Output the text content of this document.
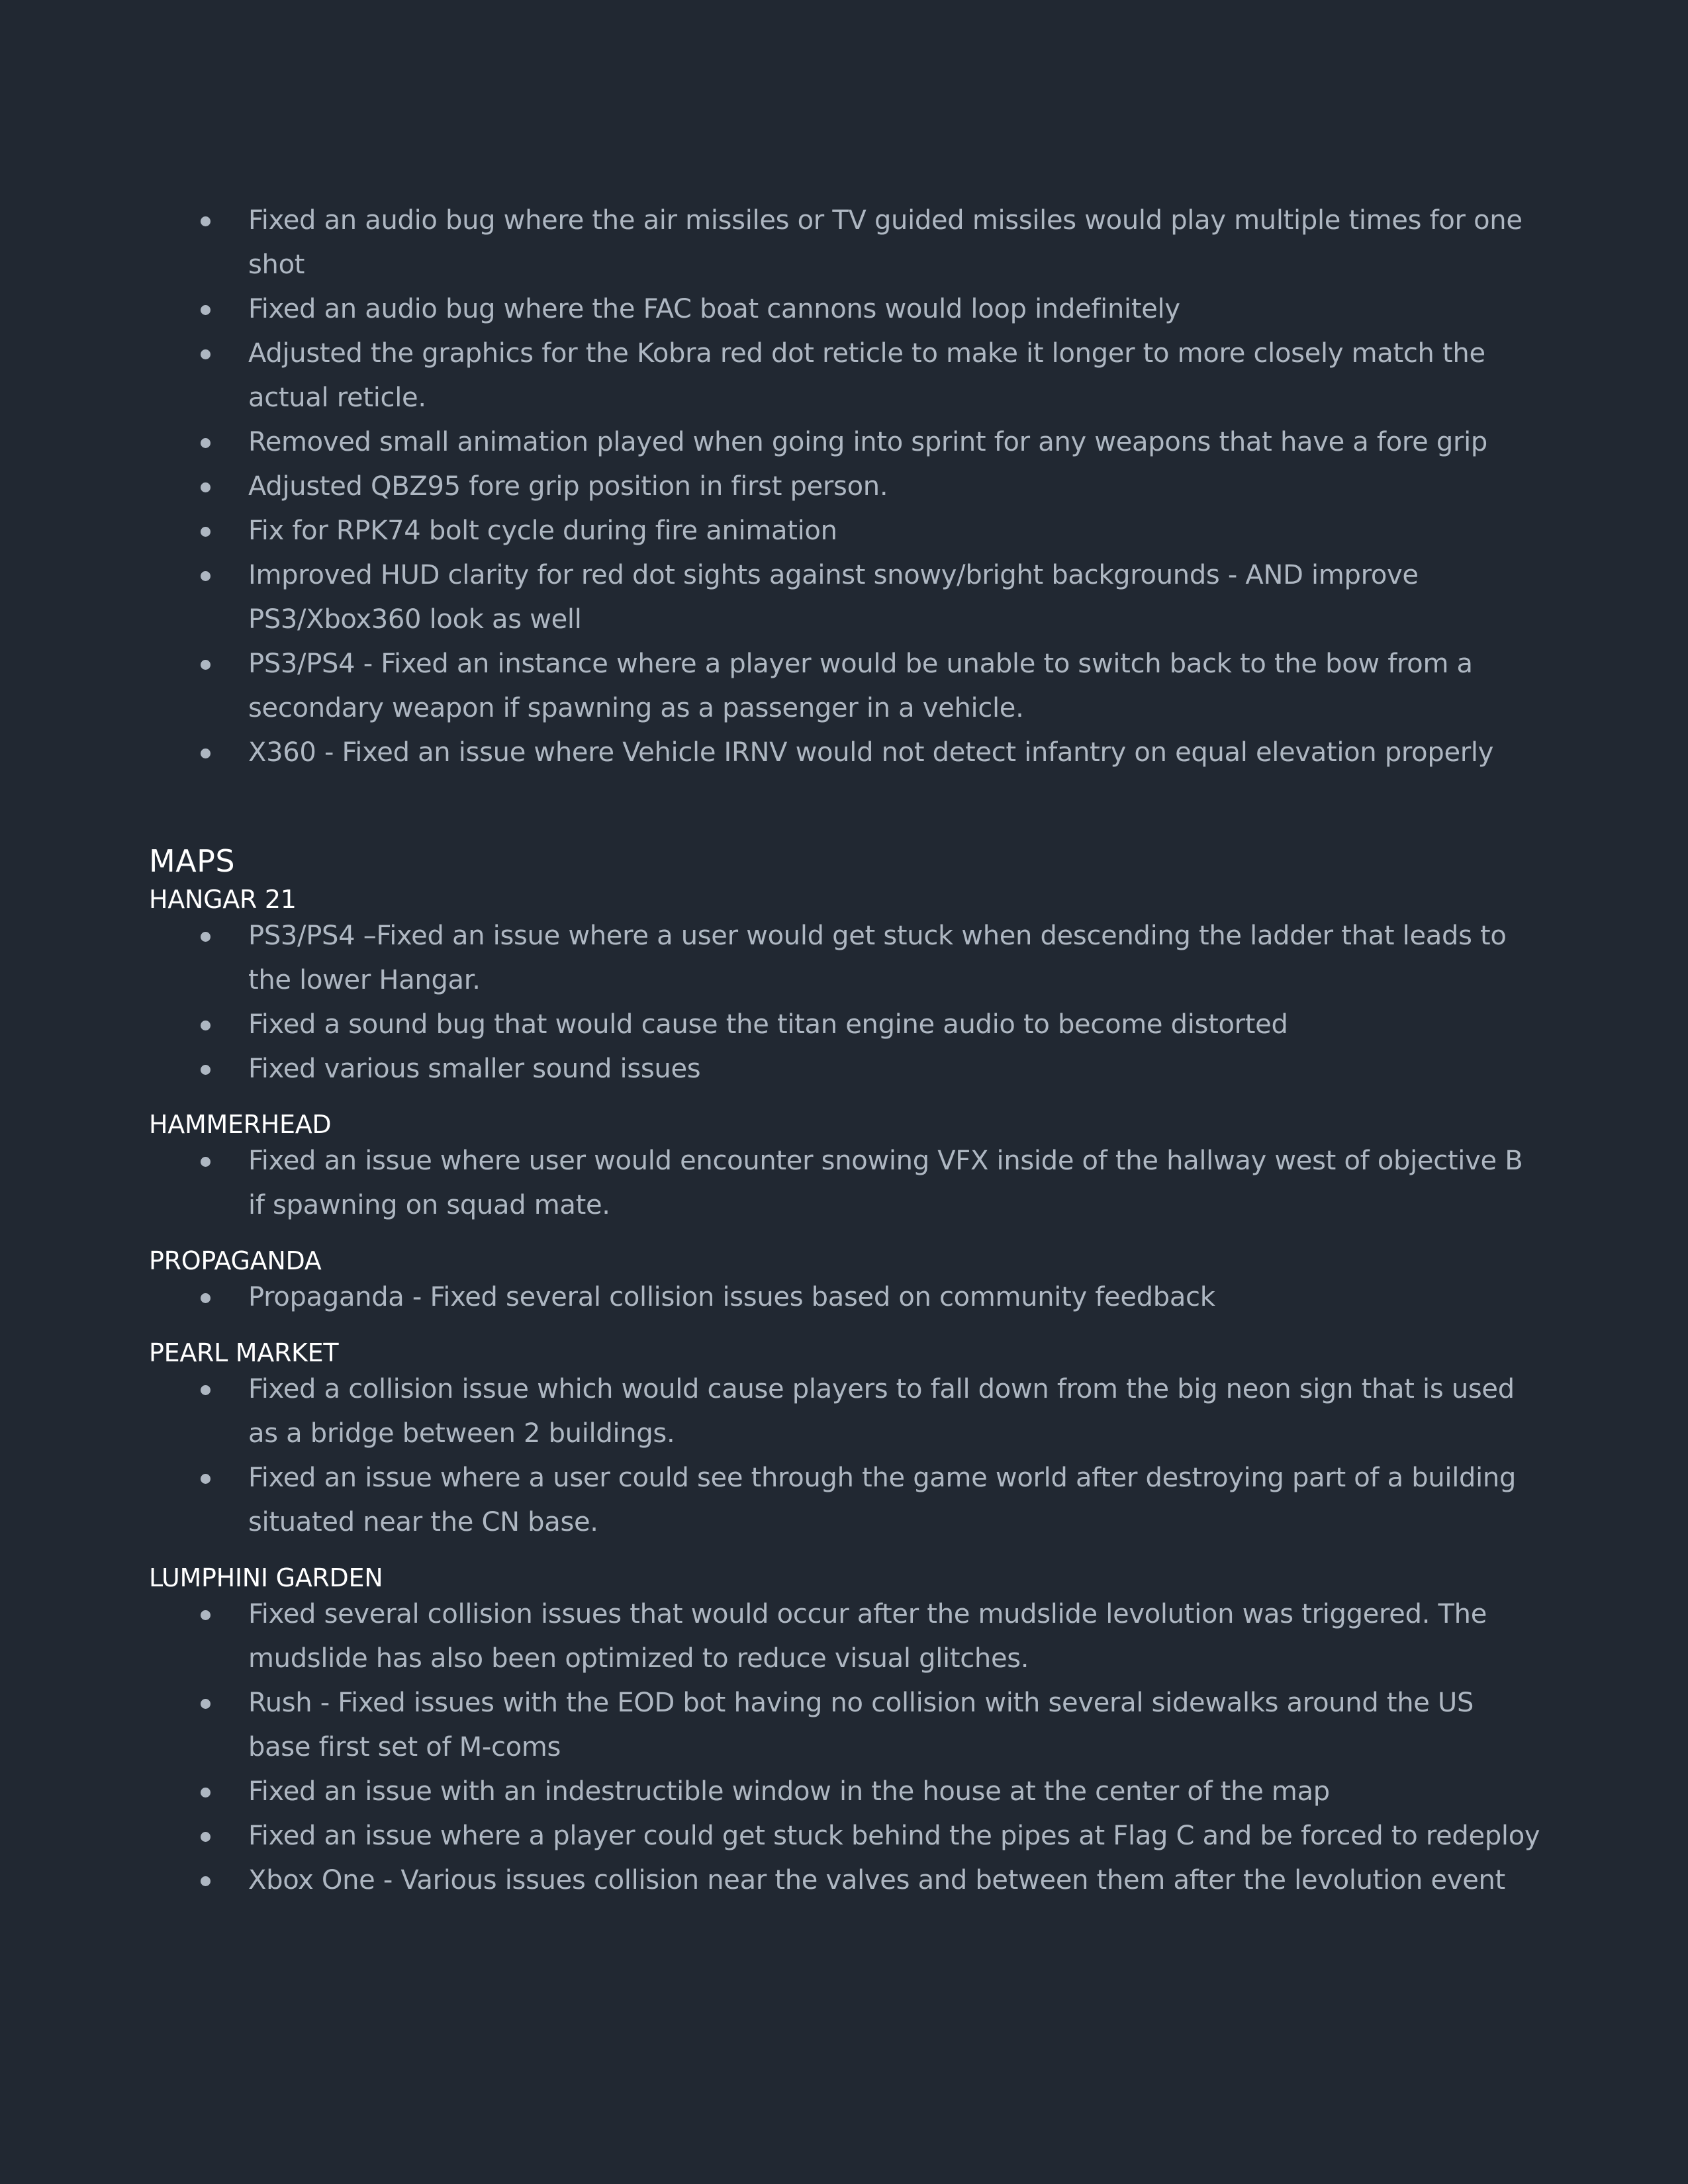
Fixed an audio bug where the air missiles or TV guided missiles would play multiple times for one shot
Fixed an audio bug where the FAC boat cannons would loop indefinitely
Adjusted the graphics for the Kobra red dot reticle to make it longer to more closely match the actual reticle.
Removed small animation played when going into sprint for any weapons that have a fore grip
Adjusted QBZ95 fore grip position in first person.
Fix for RPK74 bolt cycle during fire animation
Improved HUD clarity for red dot sights against snowy/bright backgrounds - AND improve PS3/Xbox360 look as well
PS3/PS4 - Fixed an instance where a player would be unable to switch back to the bow from a secondary weapon if spawning as a passenger in a vehicle.
X360 - Fixed an issue where Vehicle IRNV would not detect infantry on equal elevation properly
MAPS
HANGAR 21
PS3/PS4 –Fixed an issue where a user would get stuck when descending the ladder that leads to the lower Hangar.
Fixed a sound bug that would cause the titan engine audio to become distorted
Fixed various smaller sound issues
HAMMERHEAD
Fixed an issue where user would encounter snowing VFX inside of the hallway west of objective B if spawning on squad mate.
PROPAGANDA
Propaganda - Fixed several collision issues based on community feedback
PEARL MARKET
Fixed a collision issue which would cause players to fall down from the big neon sign that is used as a bridge between 2 buildings.
Fixed an issue where a user could see through the game world after destroying part of a building situated near the CN base.
LUMPHINI GARDEN
Fixed several collision issues that would occur after the mudslide levolution was triggered. The mudslide has also been optimized to reduce visual glitches.
Rush - Fixed issues with the EOD bot having no collision with several sidewalks around the US base first set of M-coms
Fixed an issue with an indestructible window in the house at the center of the map
Fixed an issue where a player could get stuck behind the pipes at Flag C and be forced to redeploy
Xbox One - Various issues collision near the valves and between them after the levolution event
